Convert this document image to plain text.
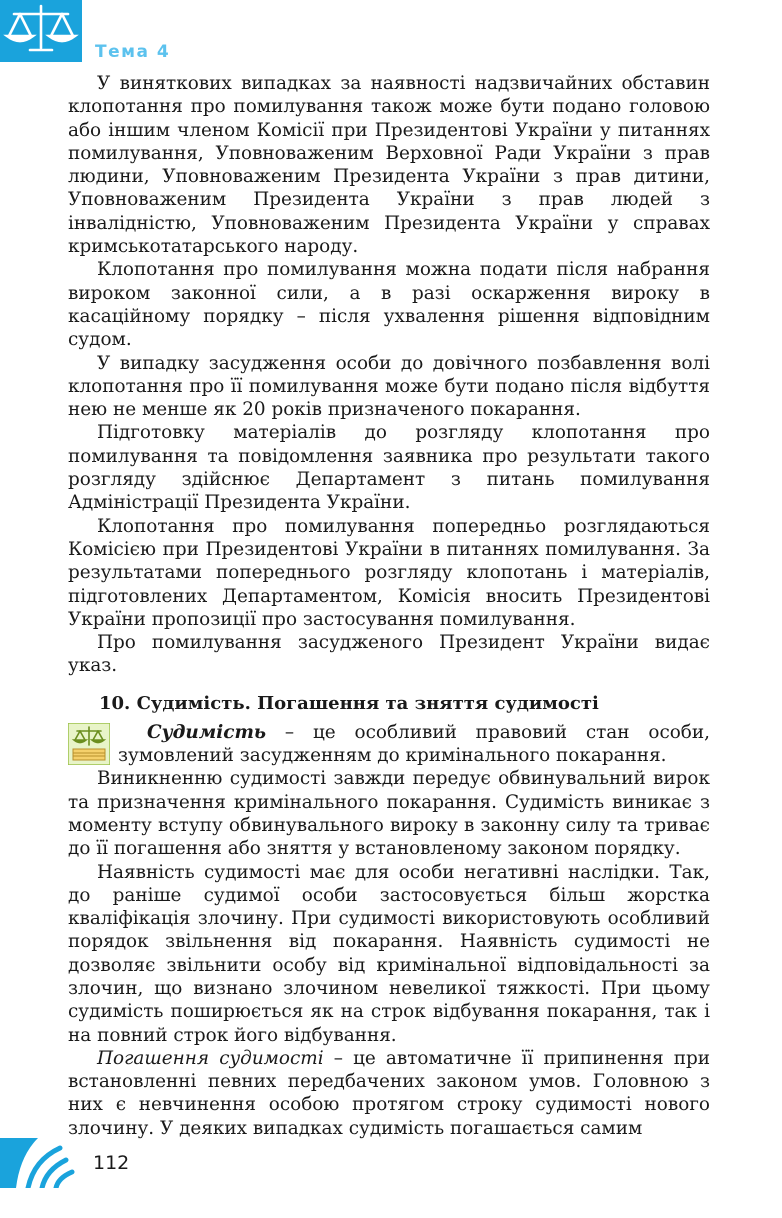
Тема 4

У виняткових випадках за наявності надзвичайних обставин клопотання про помилування також може бути подано головою або іншим членом Комісії при Президентові України у питаннях помилування, Уповноваженим Верховної Ради України з прав людини, Уповноваженим Президента України з прав дитини, Уповноваженим Президента України з прав людей з інвалідністю, Уповноваженим Президента України у справах кримськотатарського народу.

Клопотання про помилування можна подати після набрання вироком законної сили, а в разі оскарження вироку в касаційному порядку – після ухвалення рішення відповідним судом.

У випадку засудження особи до довічного позбавлення волі клопотання про її помилування може бути подано після відбуття нею не менше як 20 років призначеного покарання.

Підготовку матеріалів до розгляду клопотання про помилування та повідомлення заявника про результати такого розгляду здійснює Департамент з питань помилування Адміністрації Президента України.

Клопотання про помилування попередньо розглядаються Комісією при Президентові України в питаннях помилування. За результатами попереднього розгляду клопотань і матеріалів, підготовлених Департаментом, Комісія вносить Президентові України пропозиції про застосування помилування.

Про помилування засудженого Президент України видає указ.

10. Судимість. Погашення та зняття судимості

Судимість – це особливий правовий стан особи, зумовлений засудженням до кримінального покарання.

Виникненню судимості завжди передує обвинувальний вирок та призначення кримінального покарання. Судимість виникає з моменту вступу обвинувального вироку в законну силу та триває до її погашення або зняття у встановленому законом порядку.

Наявність судимості має для особи негативні наслідки. Так, до раніше судимої особи застосовується більш жорстка кваліфікація злочину. При судимості використовують особливий порядок звільнення від покарання. Наявність судимості не дозволяє звільнити особу від кримінальної відповідальності за злочин, що визнано злочином невеликої тяжкості. При цьому судимість поширюється як на строк відбування покарання, так і на повний строк його відбування.

Погашення судимості – це автоматичне її припинення при встановленні певних передбачених законом умов. Головною з них є невчинення особою протягом строку судимості нового злочину. У деяких випадках судимість погашається самим

112
